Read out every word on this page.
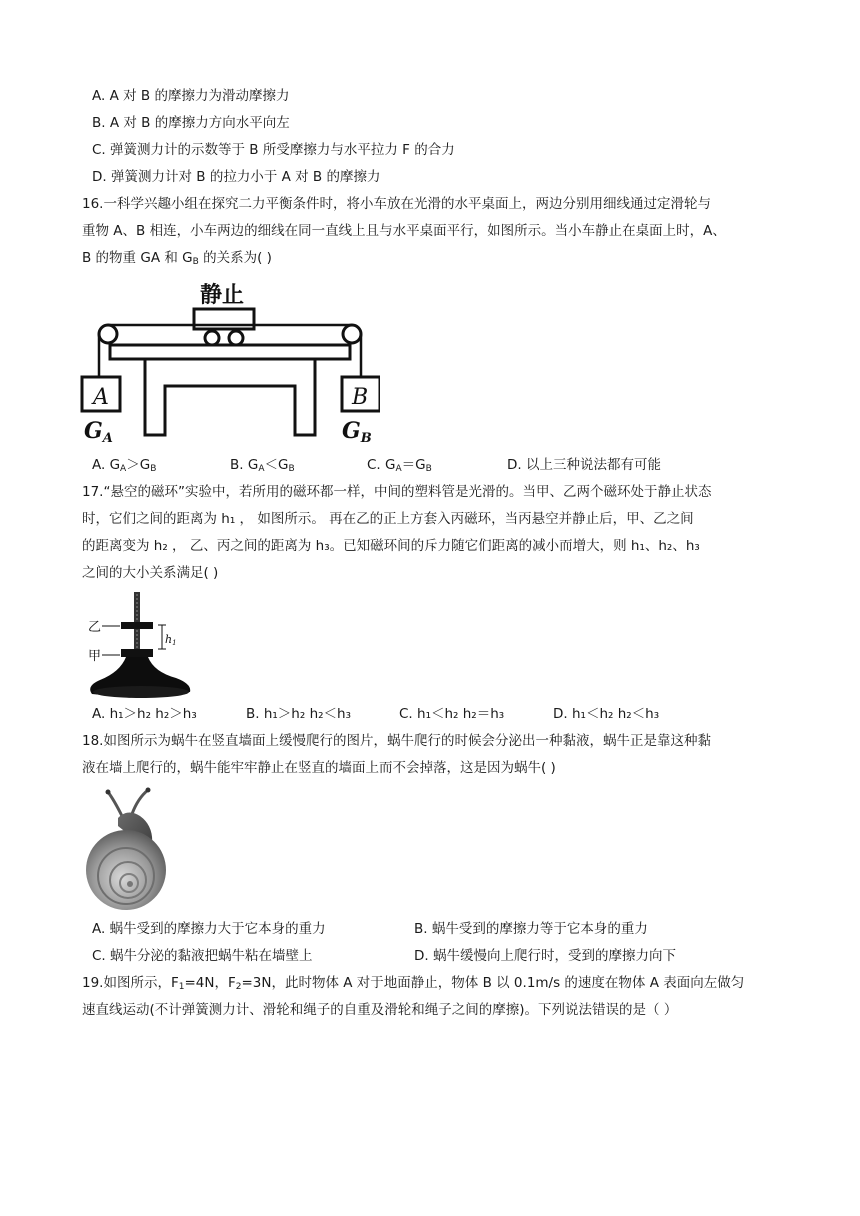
A. A 对 B 的摩擦力为滑动摩擦力
B. A 对 B 的摩擦力方向水平向左
C. 弹簧测力计的示数等于 B 所受摩擦力与水平拉力 F 的合力
D. 弹簧测力计对 B 的拉力小于 A 对 B 的摩擦力
16.一科学兴趣小组在探究二力平衡条件时，将小车放在光滑的水平桌面上，两边分别用细线通过定滑轮与
重物 A、B 相连，小车两边的细线在同一直线上且与水平桌面平行，如图所示。当小车静止在桌面上时，A、
B 的物重 GA 和 $G_B$ 的关系为( )
静止
A	B
GA	GB
A. $G_A>G_B$	B. $G_A<G_B$	C. $G_A=G_B$	D. 以上三种说法都有可能
17.“悬空的磁环”实验中，若所用的磁环都一样，中间的塑料管是光滑的。当甲、乙两个磁环处于静止状态
时，它们之间的距离为 h₁ ， 如图所示。 再在乙的正上方套入丙磁环，当丙悬空并静止后，甲、乙之间
的距离变为 h₂ ， 乙、丙之间的距离为 h₃。已知磁环间的斥力随它们距离的减小而增大，则 h₁、h₂、h₃
之间的大小关系满足( )
乙
h1
甲
A. h₁＞h₂ h₂＞h₃	B. h₁＞h₂ h₂＜h₃	C. h₁＜h₂ h₂＝h₃	D. h₁＜h₂ h₂＜h₃
18.如图所示为蜗牛在竖直墙面上缓慢爬行的图片，蜗牛爬行的时候会分泌出一种黏液，蜗牛正是靠这种黏
液在墙上爬行的，蜗牛能牢牢静止在竖直的墙面上而不会掉落，这是因为蜗牛( )
A. 蜗牛受到的摩擦力大于它本身的重力	B. 蜗牛受到的摩擦力等于它本身的重力
C. 蜗牛分泌的黏液把蜗牛粘在墙壁上	D. 蜗牛缓慢向上爬行时，受到的摩擦力向下
19.如图所示，$F_1=4N$，$F_2=3N$，此时物体 A 对于地面静止，物体 B 以 0.1m/s 的速度在物体 A 表面向左做匀
速直线运动(不计弹簧测力计、滑轮和绳子的自重及滑轮和绳子之间的摩擦)。下列说法错误的是（ ）
